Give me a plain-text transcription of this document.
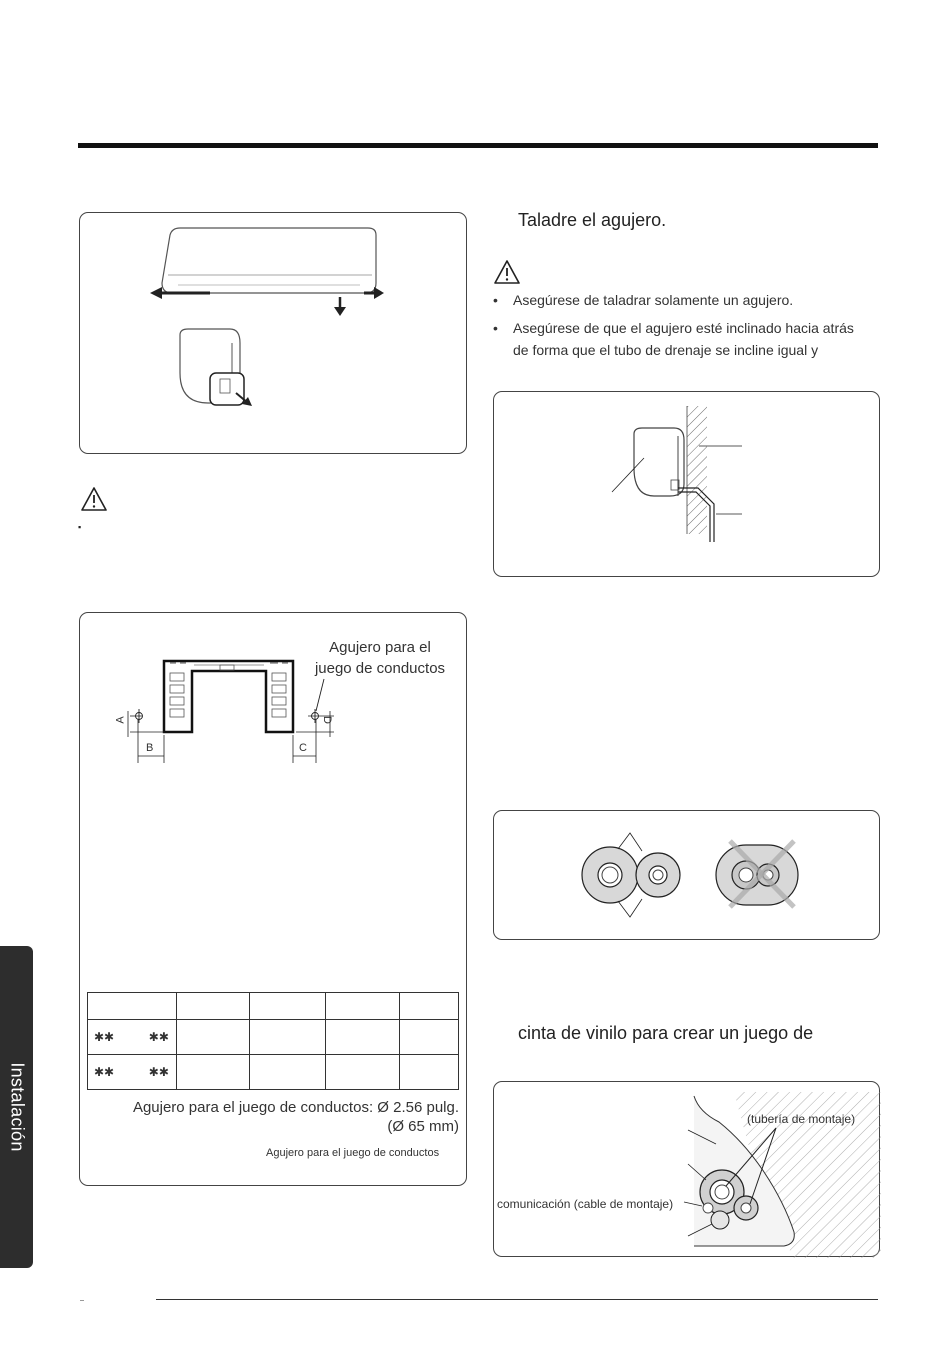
Instalación
▪
Agujero para el
juego de conductos
A
B	C
D

✱✱ ✱✱				
✱✱ ✱✱				
Agujero para el juego de conductos: Ø 2.56 pulg.
(Ø 65 mm)
Agujero para el juego de conductos
Taladre el agujero.
• Asegúrese de taladrar solamente un agujero.
• Asegúrese de que el agujero esté inclinado hacia atrás
de forma que el tubo de drenaje se incline igual y
cinta de vinilo para crear un juego de
(tubería de montaje)
comunicación (cable de montaje)
